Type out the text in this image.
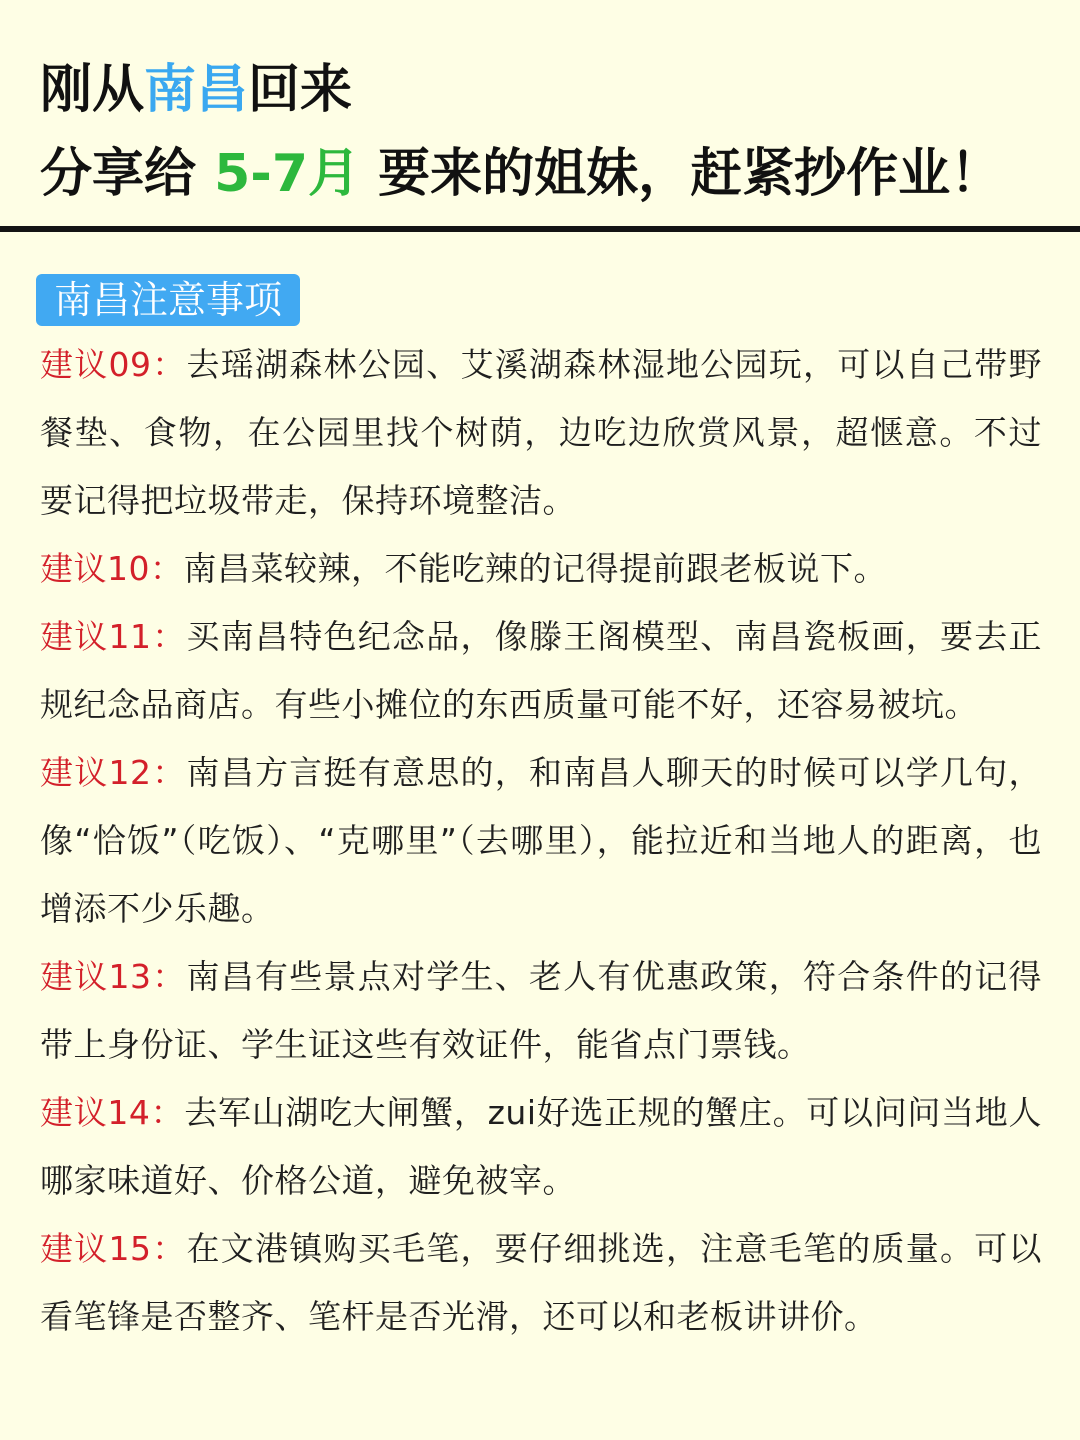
刚从南昌回来
分享给 5-7月 要来的姐妹，赶紧抄作业！
南昌注意事项

建议09：去瑶湖森林公园、艾溪湖森林湿地公园玩，可以自己带野餐垫、食物，在公园里找个树荫，边吃边欣赏风景，超惬意。不过要记得把垃圾带走，保持环境整洁。

建议10：南昌菜较辣，不能吃辣的记得提前跟老板说下。

建议11：买南昌特色纪念品，像滕王阁模型、南昌瓷板画，要去正规纪念品商店。有些小摊位的东西质量可能不好，还容易被坑。

建议12：南昌方言挺有意思的，和南昌人聊天的时候可以学几句，像“恰饭”（吃饭）、“克哪里”（去哪里），能拉近和当地人的距离，也增添不少乐趣。

建议13：南昌有些景点对学生、老人有优惠政策，符合条件的记得带上身份证、学生证这些有效证件，能省点门票钱。

建议14：去军山湖吃大闸蟹，zui好选正规的蟹庄。可以问问当地人哪家味道好、价格公道，避免被宰。

建议15：在文港镇购买毛笔，要仔细挑选，注意毛笔的质量。可以看笔锋是否整齐、笔杆是否光滑，还可以和老板讲讲价。
